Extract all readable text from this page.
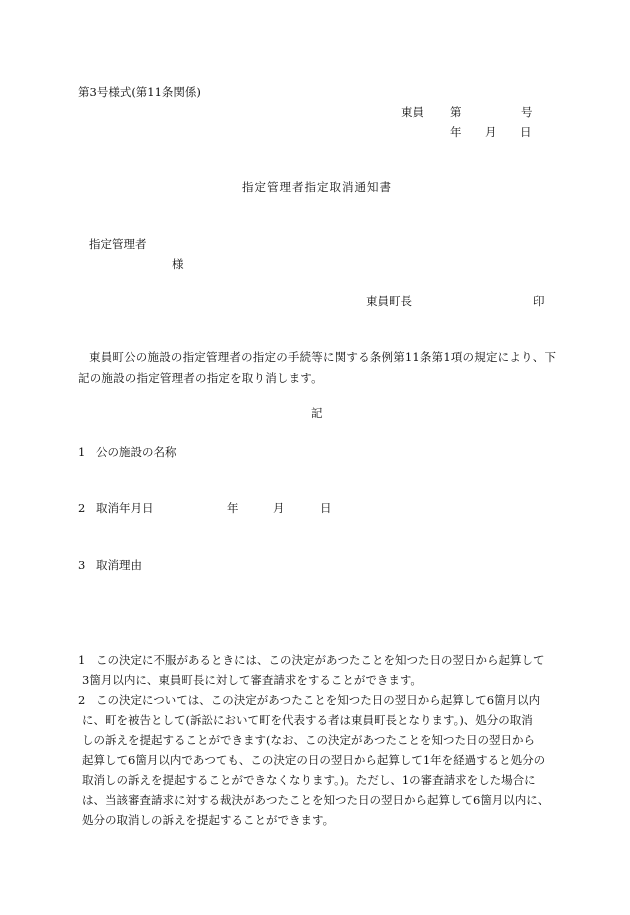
第3号様式(第11条関係)
東員 第	号
年 月 日
指定管理者指定取消通知書
指定管理者
様
東員町長	印
東員町公の施設の指定管理者の指定の手続等に関する条例第11条第1項の規定により、下
記の施設の指定管理者の指定を取り消します。
記
1 公の施設の名称
2 取消年月日	年	月	日
3 取消理由
1 この決定に不服があるときには、この決定があつたことを知つた日の翌日から起算して
3箇月以内に、東員町長に対して審査請求をすることができます。
2 この決定については、この決定があつたことを知つた日の翌日から起算して6箇月以内
に、町を被告として(訴訟において町を代表する者は東員町長となります。)、処分の取消
しの訴えを提起することができます(なお、この決定があつたことを知つた日の翌日から
起算して6箇月以内であつても、この決定の日の翌日から起算して1年を経過すると処分の
取消しの訴えを提起することができなくなります。)。ただし、1の審査請求をした場合に
は、当該審査請求に対する裁決があつたことを知つた日の翌日から起算して6箇月以内に、
処分の取消しの訴えを提起することができます。
